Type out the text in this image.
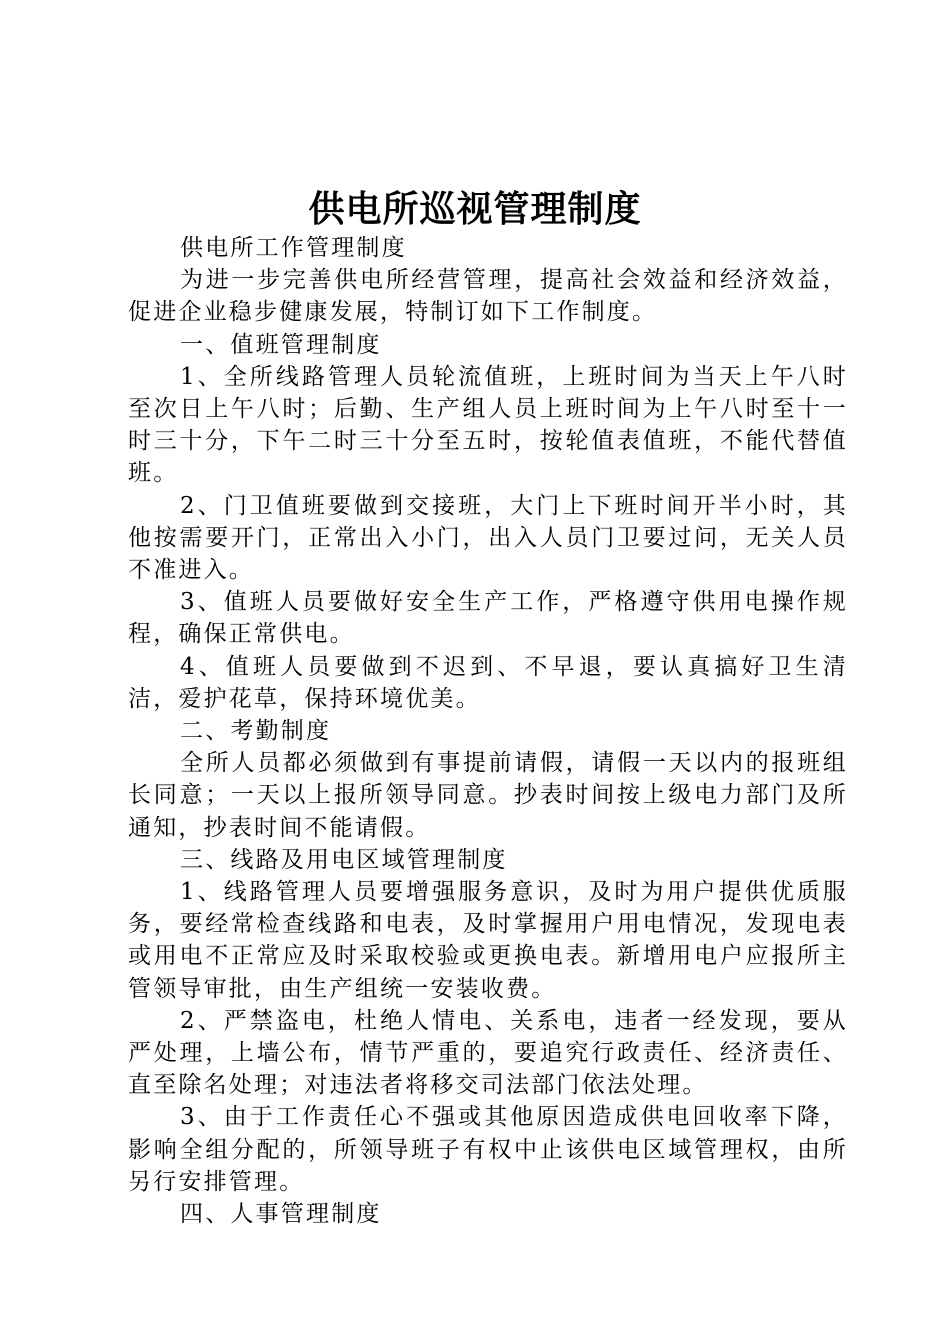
供电所巡视管理制度

供电所工作管理制度

为进一步完善供电所经营管理，提高社会效益和经济效益，促进企业稳步健康发展，特制订如下工作制度。

一、值班管理制度

1、全所线路管理人员轮流值班，上班时间为当天上午八时至次日上午八时；后勤、生产组人员上班时间为上午八时至十一时三十分，下午二时三十分至五时，按轮值表值班，不能代替值班。

2、门卫值班要做到交接班，大门上下班时间开半小时，其他按需要开门，正常出入小门，出入人员门卫要过问，无关人员不准进入。

3、值班人员要做好安全生产工作，严格遵守供用电操作规程，确保正常供电。

4、值班人员要做到不迟到、不早退，要认真搞好卫生清洁，爱护花草，保持环境优美。

二、考勤制度

全所人员都必须做到有事提前请假，请假一天以内的报班组长同意；一天以上报所领导同意。抄表时间按上级电力部门及所通知，抄表时间不能请假。

三、线路及用电区域管理制度

1、线路管理人员要增强服务意识，及时为用户提供优质服务，要经常检查线路和电表，及时掌握用户用电情况，发现电表或用电不正常应及时采取校验或更换电表。新增用电户应报所主管领导审批，由生产组统一安装收费。

2、严禁盗电，杜绝人情电、关系电，违者一经发现，要从严处理，上墙公布，情节严重的，要追究行政责任、经济责任、直至除名处理；对违法者将移交司法部门依法处理。

3、由于工作责任心不强或其他原因造成供电回收率下降，影响全组分配的，所领导班子有权中止该供电区域管理权，由所另行安排管理。

四、人事管理制度
